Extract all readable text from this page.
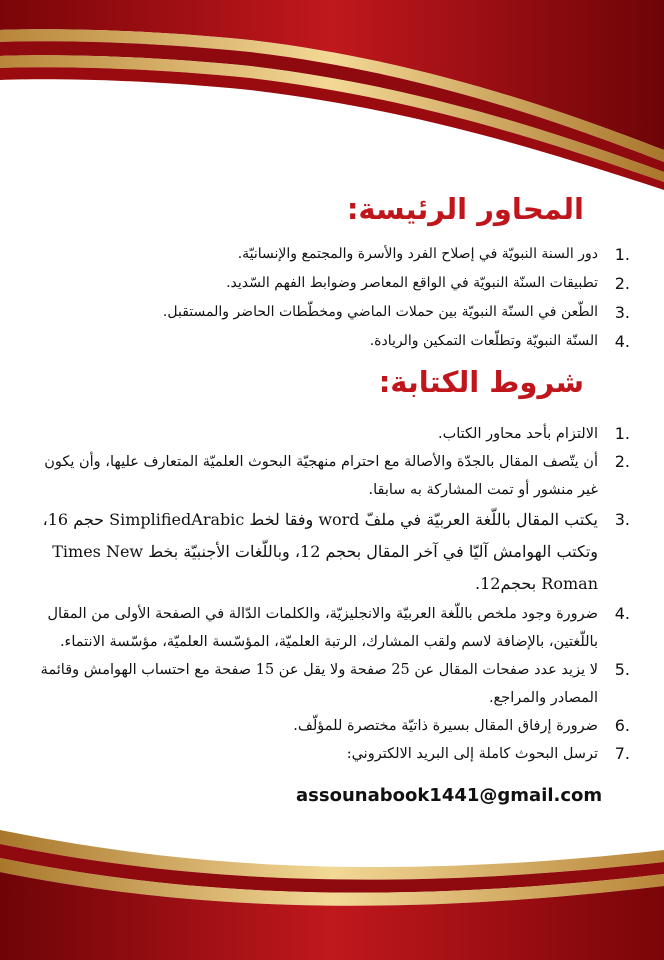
المحاور الرئيسة:
1.
دور السنة النبويّة في إصلاح الفرد والأسرة والمجتمع والإنسانيّة.
2.
تطبيقات السنّة النبويّة في الواقع المعاصر وضوابط الفهم السّديد.
3.
الطّعن في السنّة النبويّة بين حملات الماضي ومخطّطات الحاضر والمستقبل.
4.
السنّة النبويّة وتطلّعات التمكين والريادة.
شروط الكتابة:
1.
الالتزام بأحد محاور الكتاب.
2.
أن يتّصف المقال بالجدّة والأصالة مع احترام منهجيّة البحوث العلميّة المتعارف عليها، وأن يكون غير منشور أو تمت المشاركة به سابقا.
3.
يكتب المقال باللّغة العربيّة في ملفّ word وفقا لخط SimplifiedArabic حجم 16، وتكتب الهوامش آليّا في آخر المقال بحجم 12، وباللّغات الأجنبيّة بخط Times New Roman بحجم12.
4.
ضرورة وجود ملخص باللّغة العربيّة والانجليزيّة، والكلمات الدّالة في الصفحة الأولى من المقال باللّغتين، بالإضافة لاسم ولقب المشارك، الرتبة العلميّة، المؤسّسة العلميّة، مؤسّسة الانتماء.
5.
لا يزيد عدد صفحات المقال عن 25 صفحة ولا يقل عن 15 صفحة مع احتساب الهوامش وقائمة المصادر والمراجع.
6.
ضرورة إرفاق المقال بسيرة ذاتيّة مختصرة للمؤلّف.
7.
ترسل البحوث كاملة إلى البريد الالكتروني:
assounabook1441@gmail.com
